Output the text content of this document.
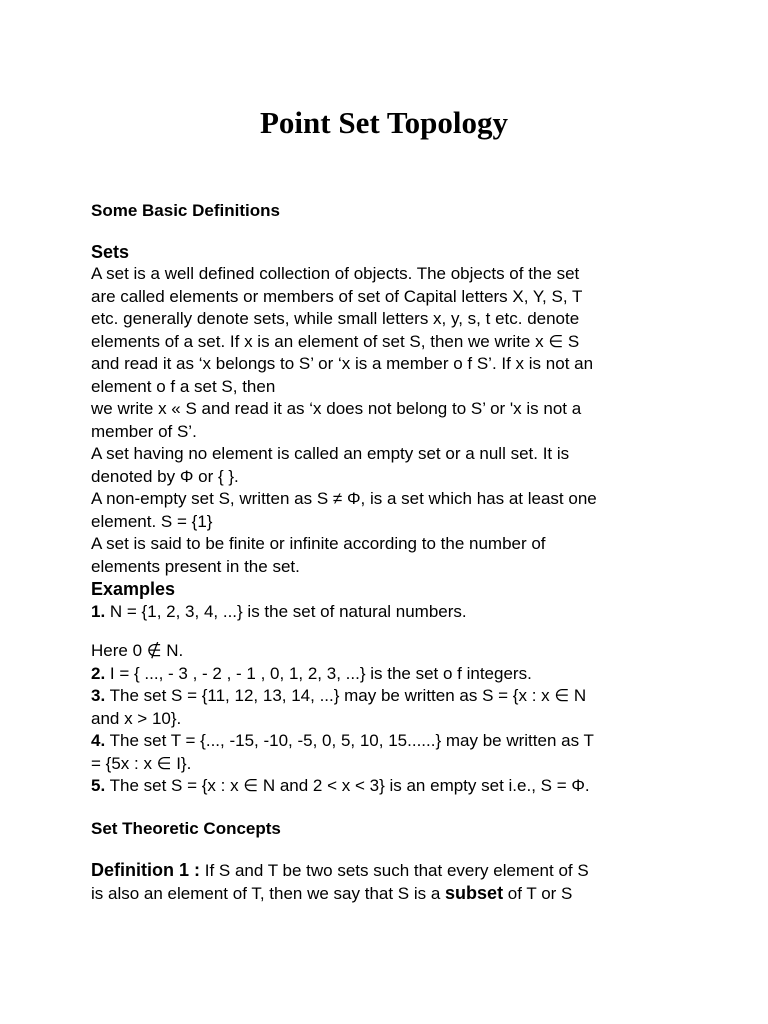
Point Set Topology
Some Basic Definitions
Sets
A set is a well defined collection of objects. The objects of the set
are called elements or members of set of Capital letters X, Y, S, T
etc. generally denote sets, while small letters x, y, s, t etc. denote
elements of a set. If x is an element of set S, then we write x ∈ S
and read it as ‘x belongs to S’ or ‘x is a member o f S’. If x is not an
element o f a set S, then
we write x « S and read it as ‘x does not belong to S’ or 'x is not a
member of S’.
A set having no element is called an empty set or a null set. It is
denoted by Φ or { }.
A non-empty set S, written as S ≠ Φ, is a set which has at least one
element. S = {1}
A set is said to be finite or infinite according to the number of
elements present in the set.
Examples
1. N = {1, 2, 3, 4, ...} is the set of natural numbers.
Here 0 ∉ N.
2. I = { ..., - 3 , - 2 , - 1 , 0, 1, 2, 3, ...} is the set o f integers.
3. The set S = {11, 12, 13, 14, ...} may be written as S = {x : x ∈ N
and x > 10}.
4. The set T = {..., -15, -10, -5, 0, 5, 10, 15......} may be written as T
= {5x : x ∈ I}.
5. The set S = {x : x ∈ N and 2 < x < 3} is an empty set i.e., S = Φ.
Set Theoretic Concepts
Definition 1 : If S and T be two sets such that every element of S
is also an element of T, then we say that S is a subset of T or S
